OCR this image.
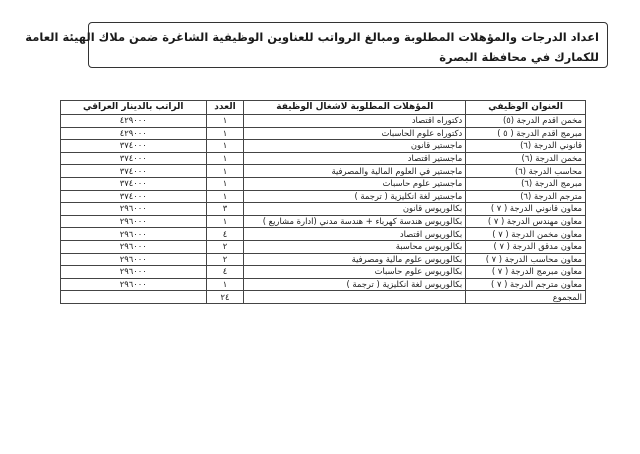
اعداد الدرجات والمؤهلات المطلوبة ومبالغ الرواتب للعناوين الوظيفية الشاغرة ضمن ملاك الهيئة العامة
للكمارك في محافظة البصرة
العنوان الوظيفي	المؤهلات المطلوبة لاشغال الوظيفة	العدد	الراتب بالدينار العراقي
مخمن اقدم الدرجة (٥)	دكتوراه اقتصاد	١	٤٢٩٠٠٠
مبرمج اقدم الدرجة ( ٥ )	دكتوراه علوم الحاسبات	١	٤٢٩٠٠٠
قانوني الدرجة (٦)	ماجستير قانون	١	٣٧٤٠٠٠
مخمن الدرجة (٦)	ماجستير اقتصاد	١	٣٧٤٠٠٠
محاسب الدرجة (٦)	ماجستير في العلوم المالية والمصرفية	١	٣٧٤٠٠٠
مبرمج الدرجة (٦)	ماجستير علوم حاسبات	١	٣٧٤٠٠٠
مترجم الدرجة (٦)	ماجستير لغة انكليزية ( ترجمة )	١	٣٧٤٠٠٠
معاون قانوني الدرجة ( ٧ )	بكالوريوس قانون	٣	٢٩٦٠٠٠
معاون مهندس الدرجة ( ٧ )	بكالوريوس هندسة كهرباء + هندسة مدني (ادارة مشاريع )	١	٢٩٦٠٠٠
معاون مخمن الدرجة ( ٧ )	بكالوريوس اقتصاد	٤	٢٩٦٠٠٠
معاون مدقق الدرجة ( ٧ )	بكالوريوس محاسبة	٢	٢٩٦٠٠٠
معاون محاسب الدرجة ( ٧ )	بكالوريوس علوم مالية ومصرفية	٢	٢٩٦٠٠٠
معاون مبرمج الدرجة ( ٧ )	بكالوريوس علوم حاسبات	٤	٢٩٦٠٠٠
معاون مترجم الدرجة ( ٧ )	بكالوريوس لغة انكليزية ( ترجمة )	١	٢٩٦٠٠٠
المجموع		٢٤	
